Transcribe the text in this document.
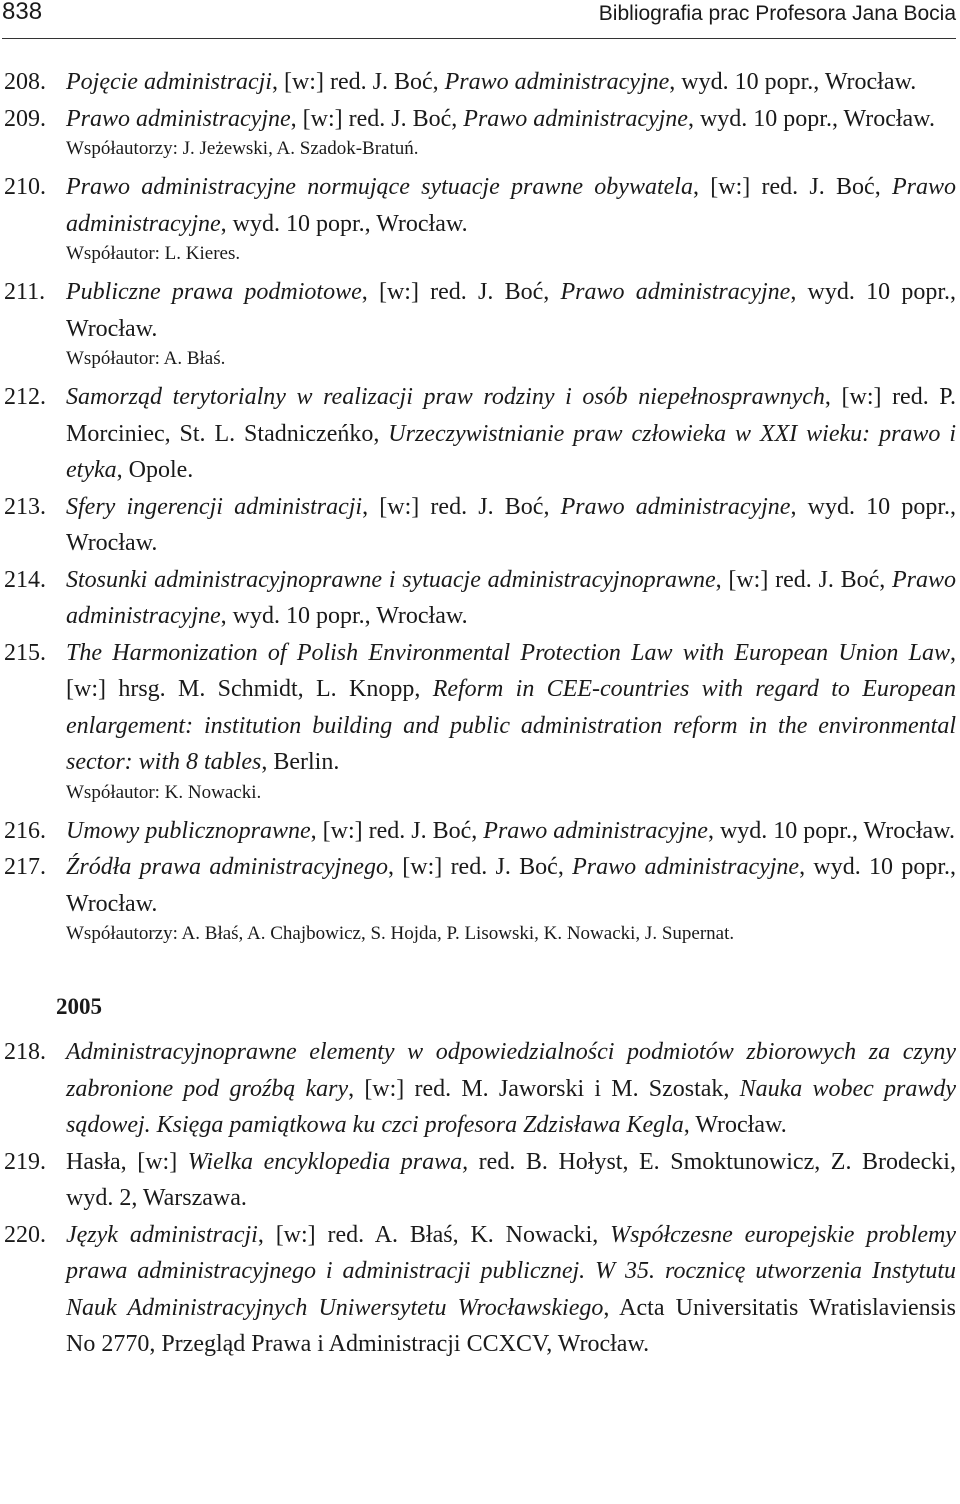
838	Bibliografia prac Profesora Jana Bocia
208. Pojęcie administracji, [w:] red. J. Boć, Prawo administracyjne, wyd. 10 popr., Wrocław.
209. Prawo administracyjne, [w:] red. J. Boć, Prawo administracyjne, wyd. 10 popr., Wrocław.
Współautorzy: J. Jeżewski, A. Szadok-Bratuń.
210. Prawo administracyjne normujące sytuacje prawne obywatela, [w:] red. J. Boć, Prawo administracyjne, wyd. 10 popr., Wrocław.
Współautor: L. Kieres.
211. Publiczne prawa podmiotowe, [w:] red. J. Boć, Prawo administracyjne, wyd. 10 popr., Wrocław.
Współautor: A. Błaś.
212. Samorząd terytorialny w realizacji praw rodziny i osób niepełnosprawnych, [w:] red. P. Morciniec, St. L. Stadniczeńko, Urzeczywistnianie praw człowieka w XXI wieku: prawo i etyka, Opole.
213. Sfery ingerencji administracji, [w:] red. J. Boć, Prawo administracyjne, wyd. 10 popr., Wrocław.
214. Stosunki administracyjnoprawne i sytuacje administracyjnoprawne, [w:] red. J. Boć, Prawo administracyjne, wyd. 10 popr., Wrocław.
215. The Harmonization of Polish Environmental Protection Law with European Union Law, [w:] hrsg. M. Schmidt, L. Knopp, Reform in CEE-countries with regard to European enlargement: institution building and public administration reform in the environmental sector: with 8 tables, Berlin.
Współautor: K. Nowacki.
216. Umowy publicznoprawne, [w:] red. J. Boć, Prawo administracyjne, wyd. 10 popr., Wrocław.
217. Źródła prawa administracyjnego, [w:] red. J. Boć, Prawo administracyjne, wyd. 10 popr., Wrocław.
Współautorzy: A. Błaś, A. Chajbowicz, S. Hojda, P. Lisowski, K. Nowacki, J. Supernat.
2005
218. Administracyjnoprawne elementy w odpowiedzialności podmiotów zbiorowych za czyny zabronione pod groźbą kary, [w:] red. M. Jaworski i M. Szostak, Nauka wobec prawdy sądowej. Księga pamiątkowa ku czci profesora Zdzisława Kegla, Wrocław.
219. Hasła, [w:] Wielka encyklopedia prawa, red. B. Hołyst, E. Smoktunowicz, Z. Brodecki, wyd. 2, Warszawa.
220. Język administracji, [w:] red. A. Błaś, K. Nowacki, Współczesne europejskie problemy prawa administracyjnego i administracji publicznej. W 35. rocznicę utworzenia Instytutu Nauk Administracyjnych Uniwersytetu Wrocławskiego, Acta Universitatis Wratislaviensis No 2770, Przegląd Prawa i Administracji CCXCV, Wrocław.
